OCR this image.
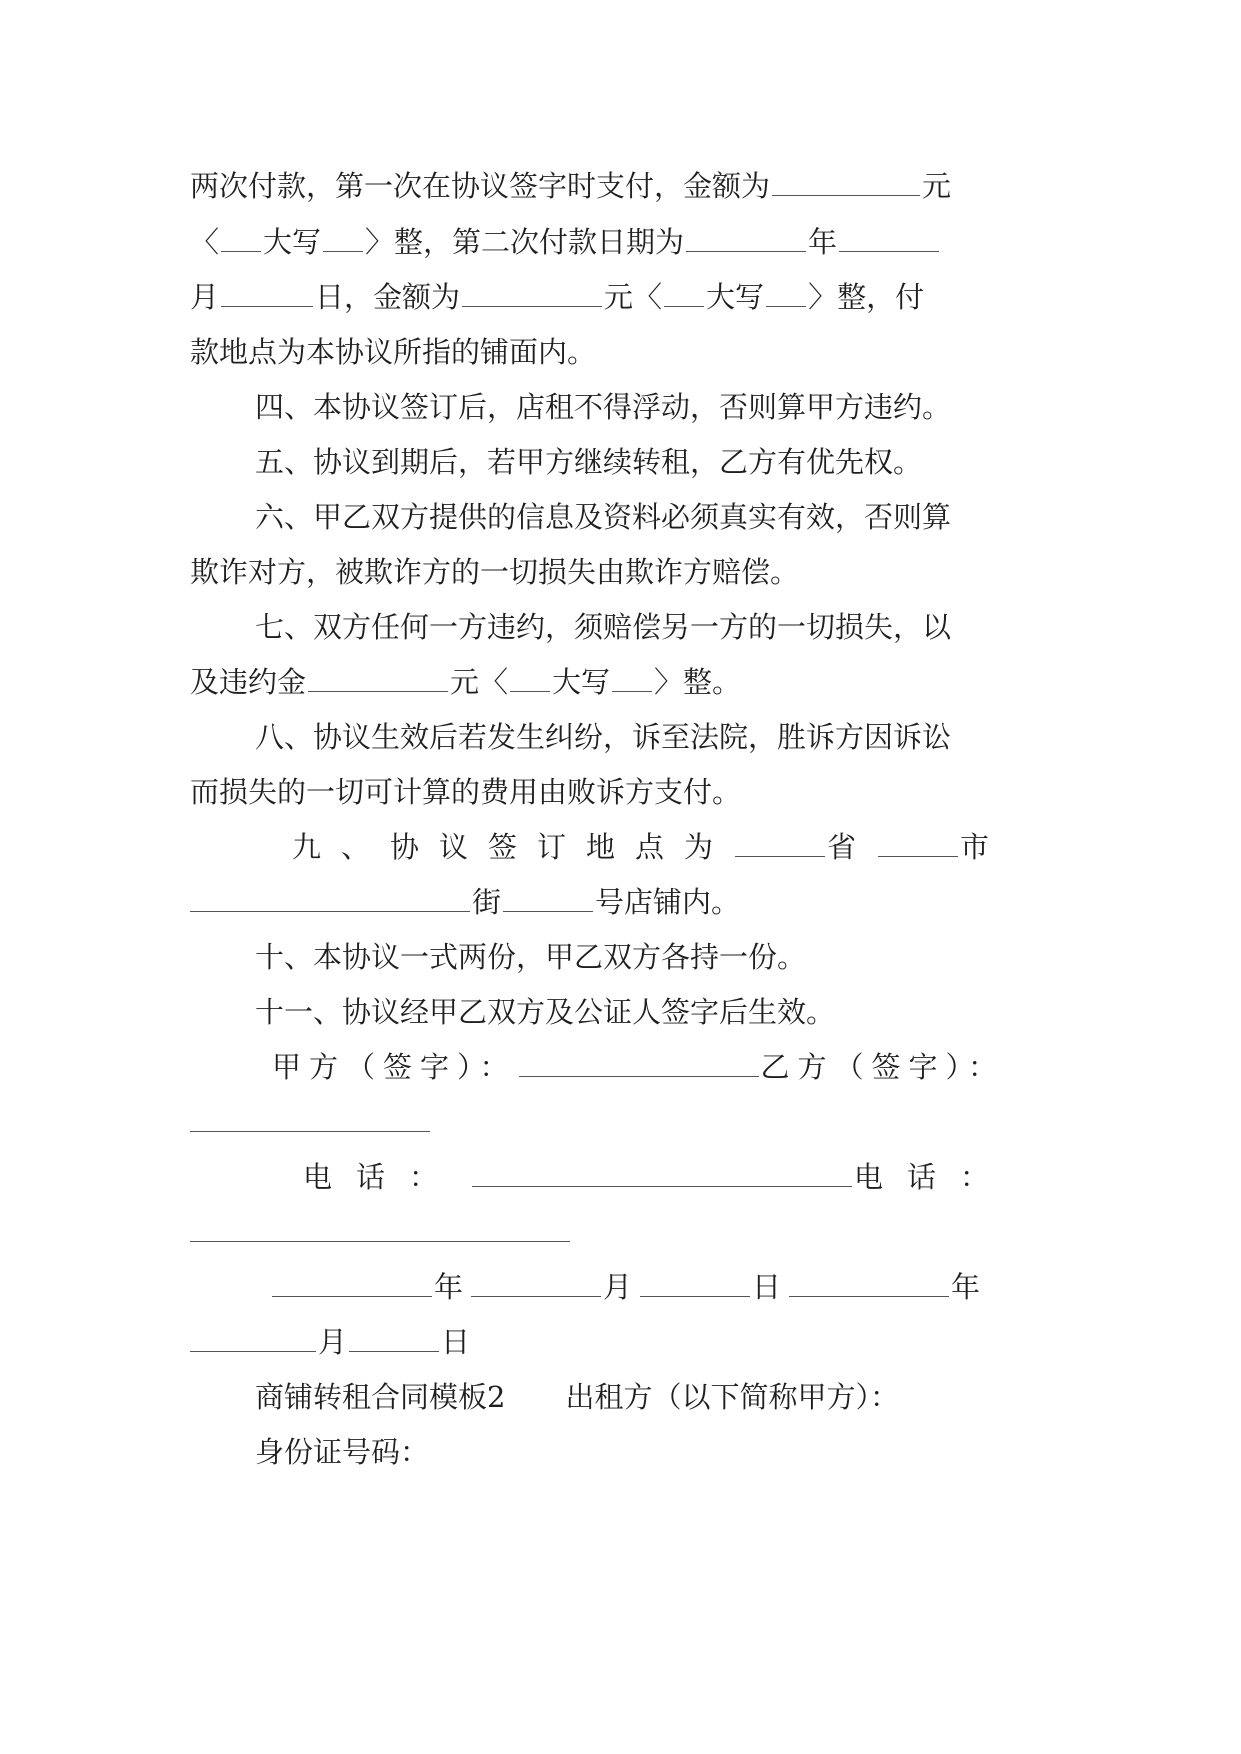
两次付款，第一次在协议签字时支付，金额为	元
〈 大写 〉整，第二次付款日期为	年
月	日，金额为	元〈 大写 〉整，付
款地点为本协议所指的铺面内。
四、本协议签订后，店租不得浮动，否则算甲方违约。
五、协议到期后，若甲方继续转租，乙方有优先权。
六、甲乙双方提供的信息及资料必须真实有效，否则算
欺诈对方，被欺诈方的一切损失由欺诈方赔偿。
七、双方任何一方违约，须赔偿另一方的一切损失，以
及违约金	元〈 大写 〉整。
八、协议生效后若发生纠纷，诉至法院，胜诉方因诉讼
而损失的一切可计算的费用由败诉方支付。
九、协议签订地点为	省	市
街	号店铺内。
十、本协议一式两份，甲乙双方各持一份。
十一、协议经甲乙双方及公证人签字后生效。
甲方（签字）：	乙方（签字）：
电话：	电话：
年	月	日	年
月	日
商铺转租合同模板2 出租方（以下简称甲方）：
身份证号码：
